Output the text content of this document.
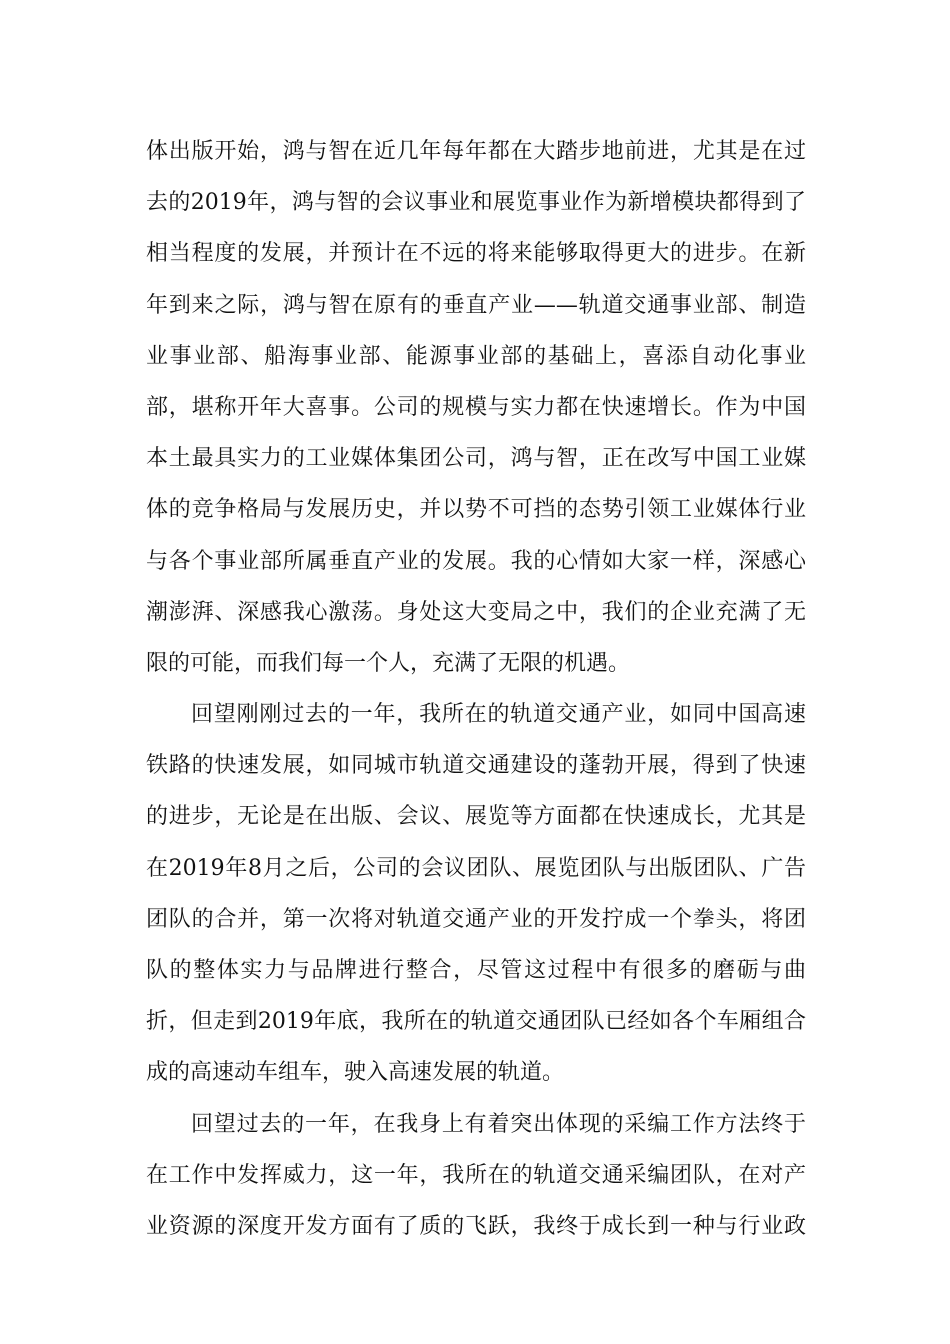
体出版开始，鸿与智在近几年每年都在大踏步地前进，尤其是在过
去的2019年，鸿与智的会议事业和展览事业作为新增模块都得到了
相当程度的发展，并预计在不远的将来能够取得更大的进步。在新
年到来之际，鸿与智在原有的垂直产业——轨道交通事业部、制造
业事业部、船海事业部、能源事业部的基础上，喜添自动化事业
部，堪称开年大喜事。公司的规模与实力都在快速增长。作为中国
本土最具实力的工业媒体集团公司，鸿与智，正在改写中国工业媒
体的竞争格局与发展历史，并以势不可挡的态势引领工业媒体行业
与各个事业部所属垂直产业的发展。我的心情如大家一样，深感心
潮澎湃、深感我心激荡。身处这大变局之中，我们的企业充满了无
限的可能，而我们每一个人，充满了无限的机遇。
回望刚刚过去的一年，我所在的轨道交通产业，如同中国高速
铁路的快速发展，如同城市轨道交通建设的蓬勃开展，得到了快速
的进步，无论是在出版、会议、展览等方面都在快速成长，尤其是
在2019年8月之后，公司的会议团队、展览团队与出版团队、广告
团队的合并，第一次将对轨道交通产业的开发拧成一个拳头，将团
队的整体实力与品牌进行整合，尽管这过程中有很多的磨砺与曲
折，但走到2019年底，我所在的轨道交通团队已经如各个车厢组合
成的高速动车组车，驶入高速发展的轨道。
回望过去的一年，在我身上有着突出体现的采编工作方法终于
在工作中发挥威力，这一年，我所在的轨道交通采编团队，在对产
业资源的深度开发方面有了质的飞跃，我终于成长到一种与行业政
